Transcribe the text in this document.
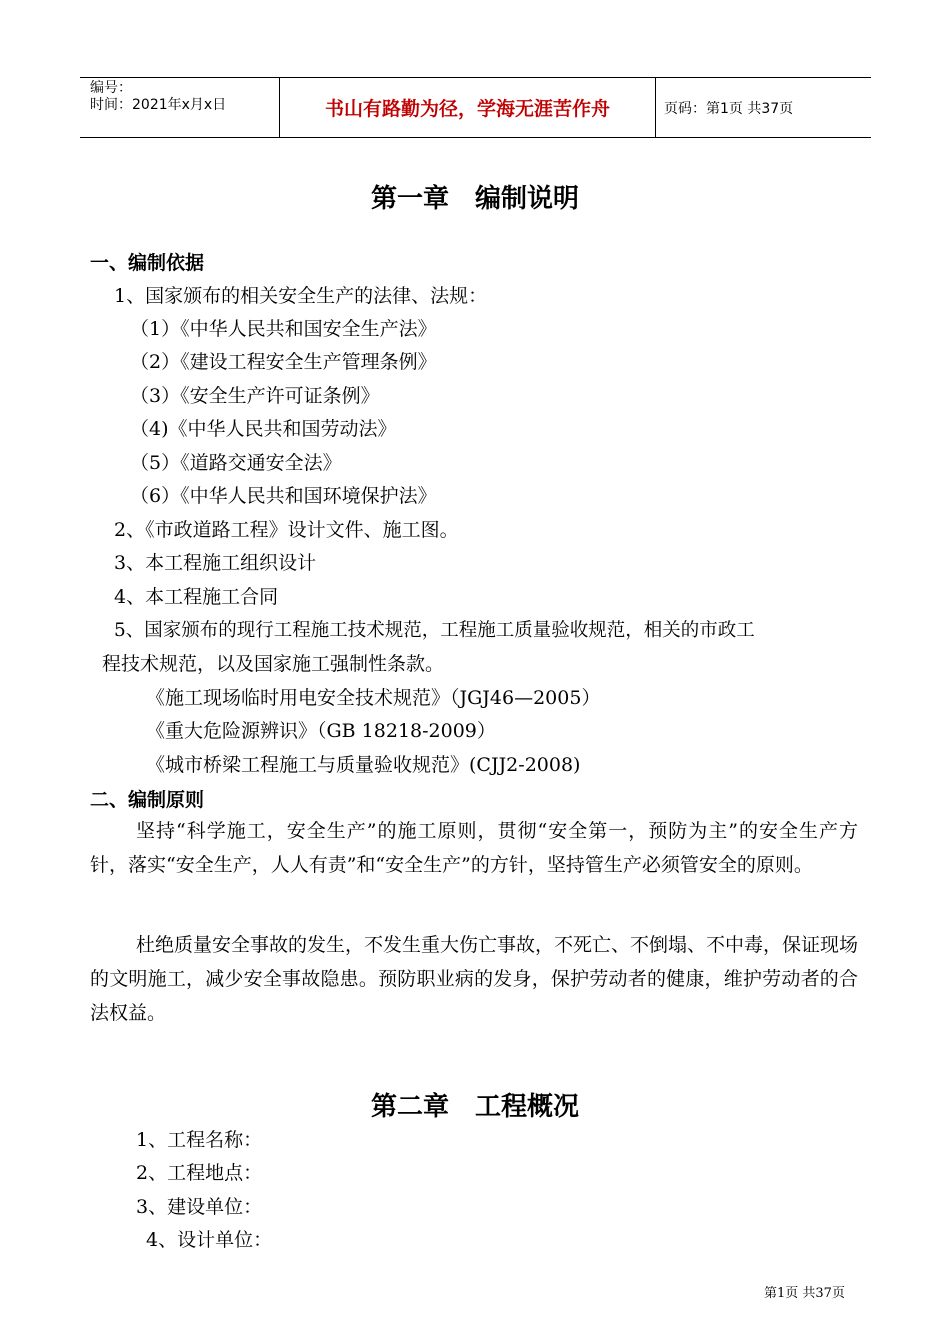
编号：
时间：2021年x月x日	书山有路勤为径，学海无涯苦作舟	页码：第1页 共37页
第一章　编制说明
一、编制依据
1、国家颁布的相关安全生产的法律、法规：
（1）《中华人民共和国安全生产法》
（2）《建设工程安全生产管理条例》
（3）《安全生产许可证条例》
（4)《中华人民共和国劳动法》
（5）《道路交通安全法》
（6）《中华人民共和国环境保护法》
2、《市政道路工程》设计文件、施工图。
3、本工程施工组织设计
4、本工程施工合同
5、国家颁布的现行工程施工技术规范，工程施工质量验收规范，相关的市政工
程技术规范，以及国家施工强制性条款。
《施工现场临时用电安全技术规范》（JGJ46—2005）
《重大危险源辨识》（GB 18218-2009）
《城市桥梁工程施工与质量验收规范》(CJJ2-2008)
二、编制原则
坚持“科学施工，安全生产”的施工原则，贯彻“安全第一，预防为主”的安全生产方针，落实“安全生产，人人有责”和“安全生产”的方针，坚持管生产必须管安全的原则。
杜绝质量安全事故的发生，不发生重大伤亡事故，不死亡、不倒塌、不中毒，保证现场的文明施工，减少安全事故隐患。预防职业病的发身，保护劳动者的健康，维护劳动者的合法权益。
第二章　工程概况
1、工程名称：
2、工程地点：
3、建设单位：
4、设计单位：
第1页 共37页
